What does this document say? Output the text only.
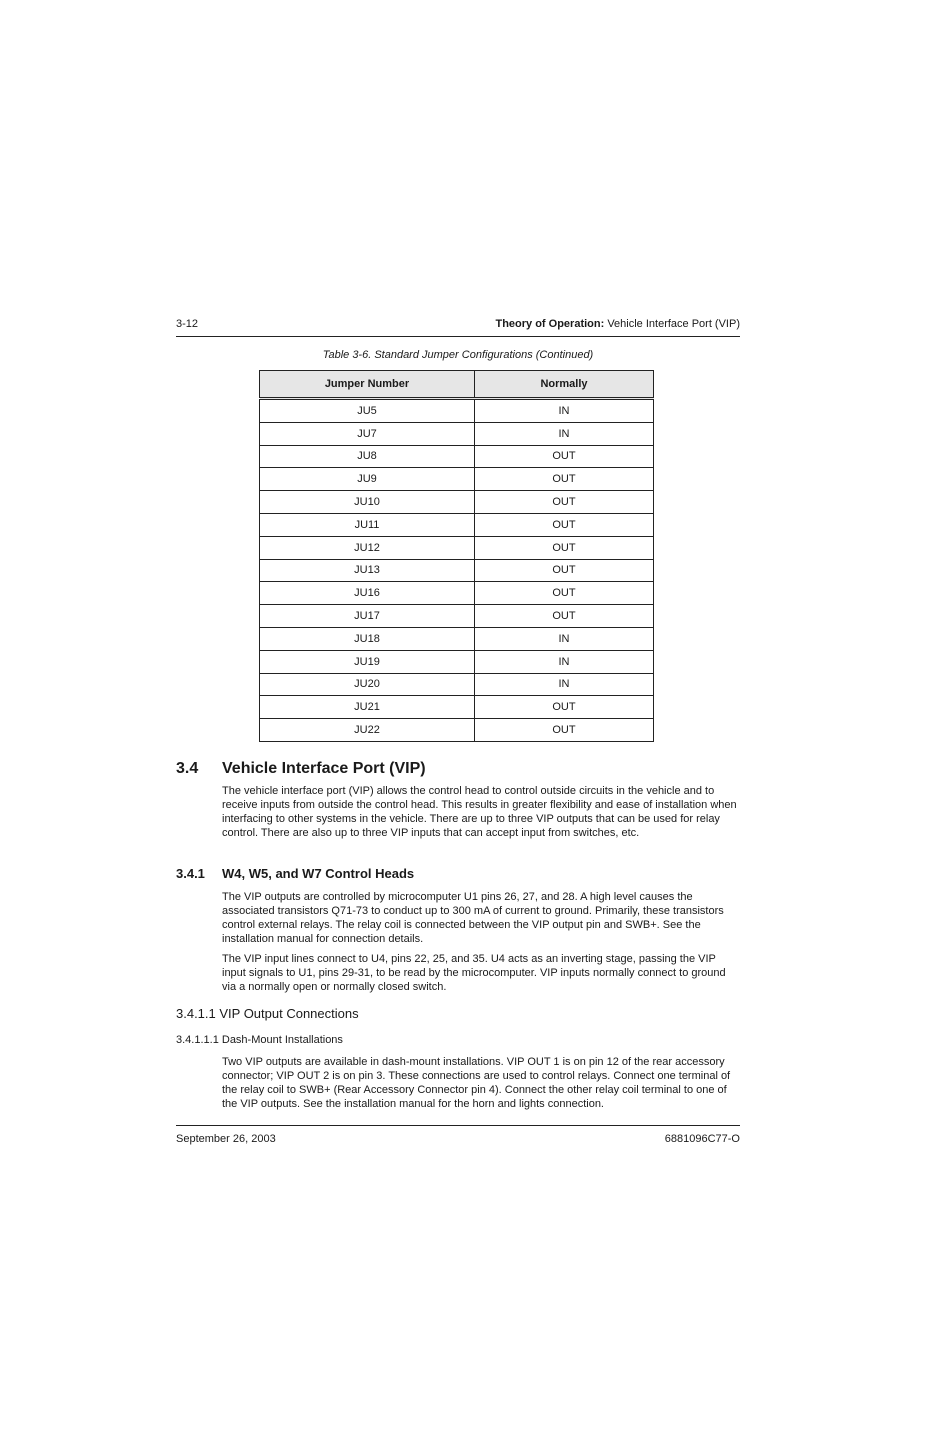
3-12	Theory of Operation: Vehicle Interface Port (VIP)
Table 3-6. Standard Jumper Configurations (Continued)
Jumper Number	Normally
JU5	IN
JU7	IN
JU8	OUT
JU9	OUT
JU10	OUT
JU11	OUT
JU12	OUT
JU13	OUT
JU16	OUT
JU17	OUT
JU18	IN
JU19	IN
JU20	IN
JU21	OUT
JU22	OUT
3.4 Vehicle Interface Port (VIP)

The vehicle interface port (VIP) allows the control head to control outside circuits in the vehicle and to receive inputs from outside the control head. This results in greater flexibility and ease of installation when interfacing to other systems in the vehicle. There are up to three VIP outputs that can be used for relay control. There are also up to three VIP inputs that can accept input from switches, etc.

3.4.1 W4, W5, and W7 Control Heads

The VIP outputs are controlled by microcomputer U1 pins 26, 27, and 28. A high level causes the associated transistors Q71-73 to conduct up to 300 mA of current to ground. Primarily, these transistors control external relays. The relay coil is connected between the VIP output pin and SWB+. See the installation manual for connection details.

The VIP input lines connect to U4, pins 22, 25, and 35. U4 acts as an inverting stage, passing the VIP input signals to U1, pins 29-31, to be read by the microcomputer. VIP inputs normally connect to ground via a normally open or normally closed switch.

3.4.1.1 VIP Output Connections
3.4.1.1.1 Dash-Mount Installations

Two VIP outputs are available in dash-mount installations. VIP OUT 1 is on pin 12 of the rear accessory connector; VIP OUT 2 is on pin 3. These connections are used to control relays. Connect one terminal of the relay coil to SWB+ (Rear Accessory Connector pin 4). Connect the other relay coil terminal to one of the VIP outputs. See the installation manual for the horn and lights connection.

September 26, 2003	6881096C77-O
